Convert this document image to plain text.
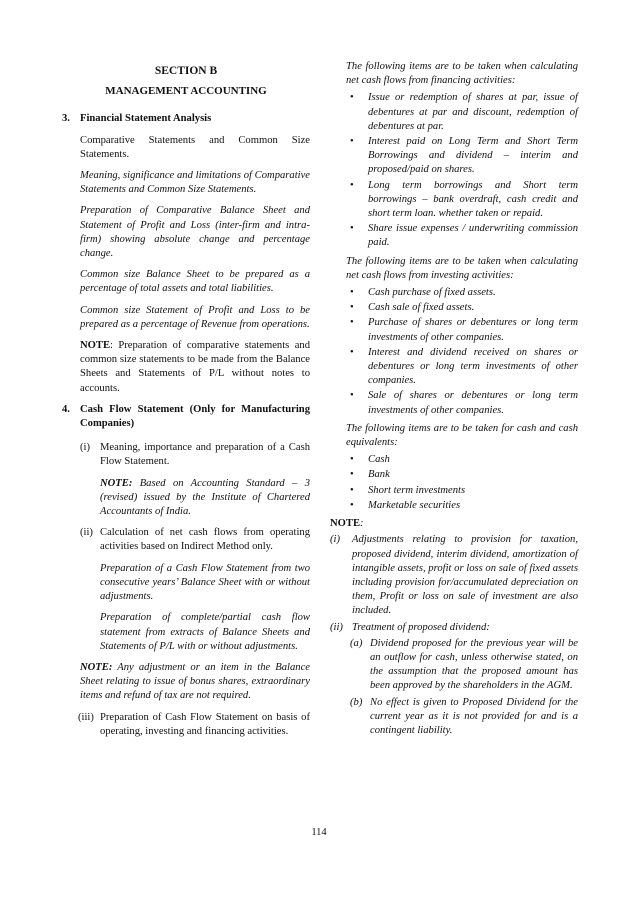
SECTION B
MANAGEMENT ACCOUNTING
3. Financial Statement Analysis

Comparative Statements and Common Size Statements.

Meaning, significance and limitations of Comparative Statements and Common Size Statements.

Preparation of Comparative Balance Sheet and Statement of Profit and Loss (inter-firm and intra-firm) showing absolute change and percentage change.

Common size Balance Sheet to be prepared as a percentage of total assets and total liabilities.

Common size Statement of Profit and Loss to be prepared as a percentage of Revenue from operations.

NOTE: Preparation of comparative statements and common size statements to be made from the Balance Sheets and Statements of P/L without notes to accounts.

4. Cash Flow Statement (Only for Manufacturing Companies)

(i) Meaning, importance and preparation of a Cash Flow Statement.

NOTE: Based on Accounting Standard – 3 (revised) issued by the Institute of Chartered Accountants of India.

(ii) Calculation of net cash flows from operating activities based on Indirect Method only.

Preparation of a Cash Flow Statement from two consecutive years’ Balance Sheet with or without adjustments.

Preparation of complete/partial cash flow statement from extracts of Balance Sheets and Statements of P/L with or without adjustments.

NOTE: Any adjustment or an item in the Balance Sheet relating to issue of bonus shares, extraordinary items and refund of tax are not required.

(iii) Preparation of Cash Flow Statement on basis of operating, investing and financing activities.

The following items are to be taken when calculating net cash flows from financing activities:

• Issue or redemption of shares at par, issue of debentures at par and discount, redemption of debentures at par.
• Interest paid on Long Term and Short Term Borrowings and dividend – interim and proposed/paid on shares.
• Long term borrowings and Short term borrowings – bank overdraft, cash credit and short term loan. whether taken or repaid.
• Share issue expenses / underwriting commission paid.

The following items are to be taken when calculating net cash flows from investing activities:

• Cash purchase of fixed assets.
• Cash sale of fixed assets.
• Purchase of shares or debentures or long term investments of other companies.
• Interest and dividend received on shares or debentures or long term investments of other companies.
• Sale of shares or debentures or long term investments of other companies.

The following items are to be taken for cash and cash equivalents:

• Cash
• Bank
• Short term investments
• Marketable securities

NOTE:

(i) Adjustments relating to provision for taxation, proposed dividend, interim dividend, amortization of intangible assets, profit or loss on sale of fixed assets including provision for/accumulated depreciation on them, Profit or loss on sale of investment are also included.
(ii) Treatment of proposed dividend:
(a) Dividend proposed for the previous year will be an outflow for cash, unless otherwise stated, on the assumption that the proposed amount has been approved by the shareholders in the AGM.
(b) No effect is given to Proposed Dividend for the current year as it is not provided for and is a contingent liability.
114
